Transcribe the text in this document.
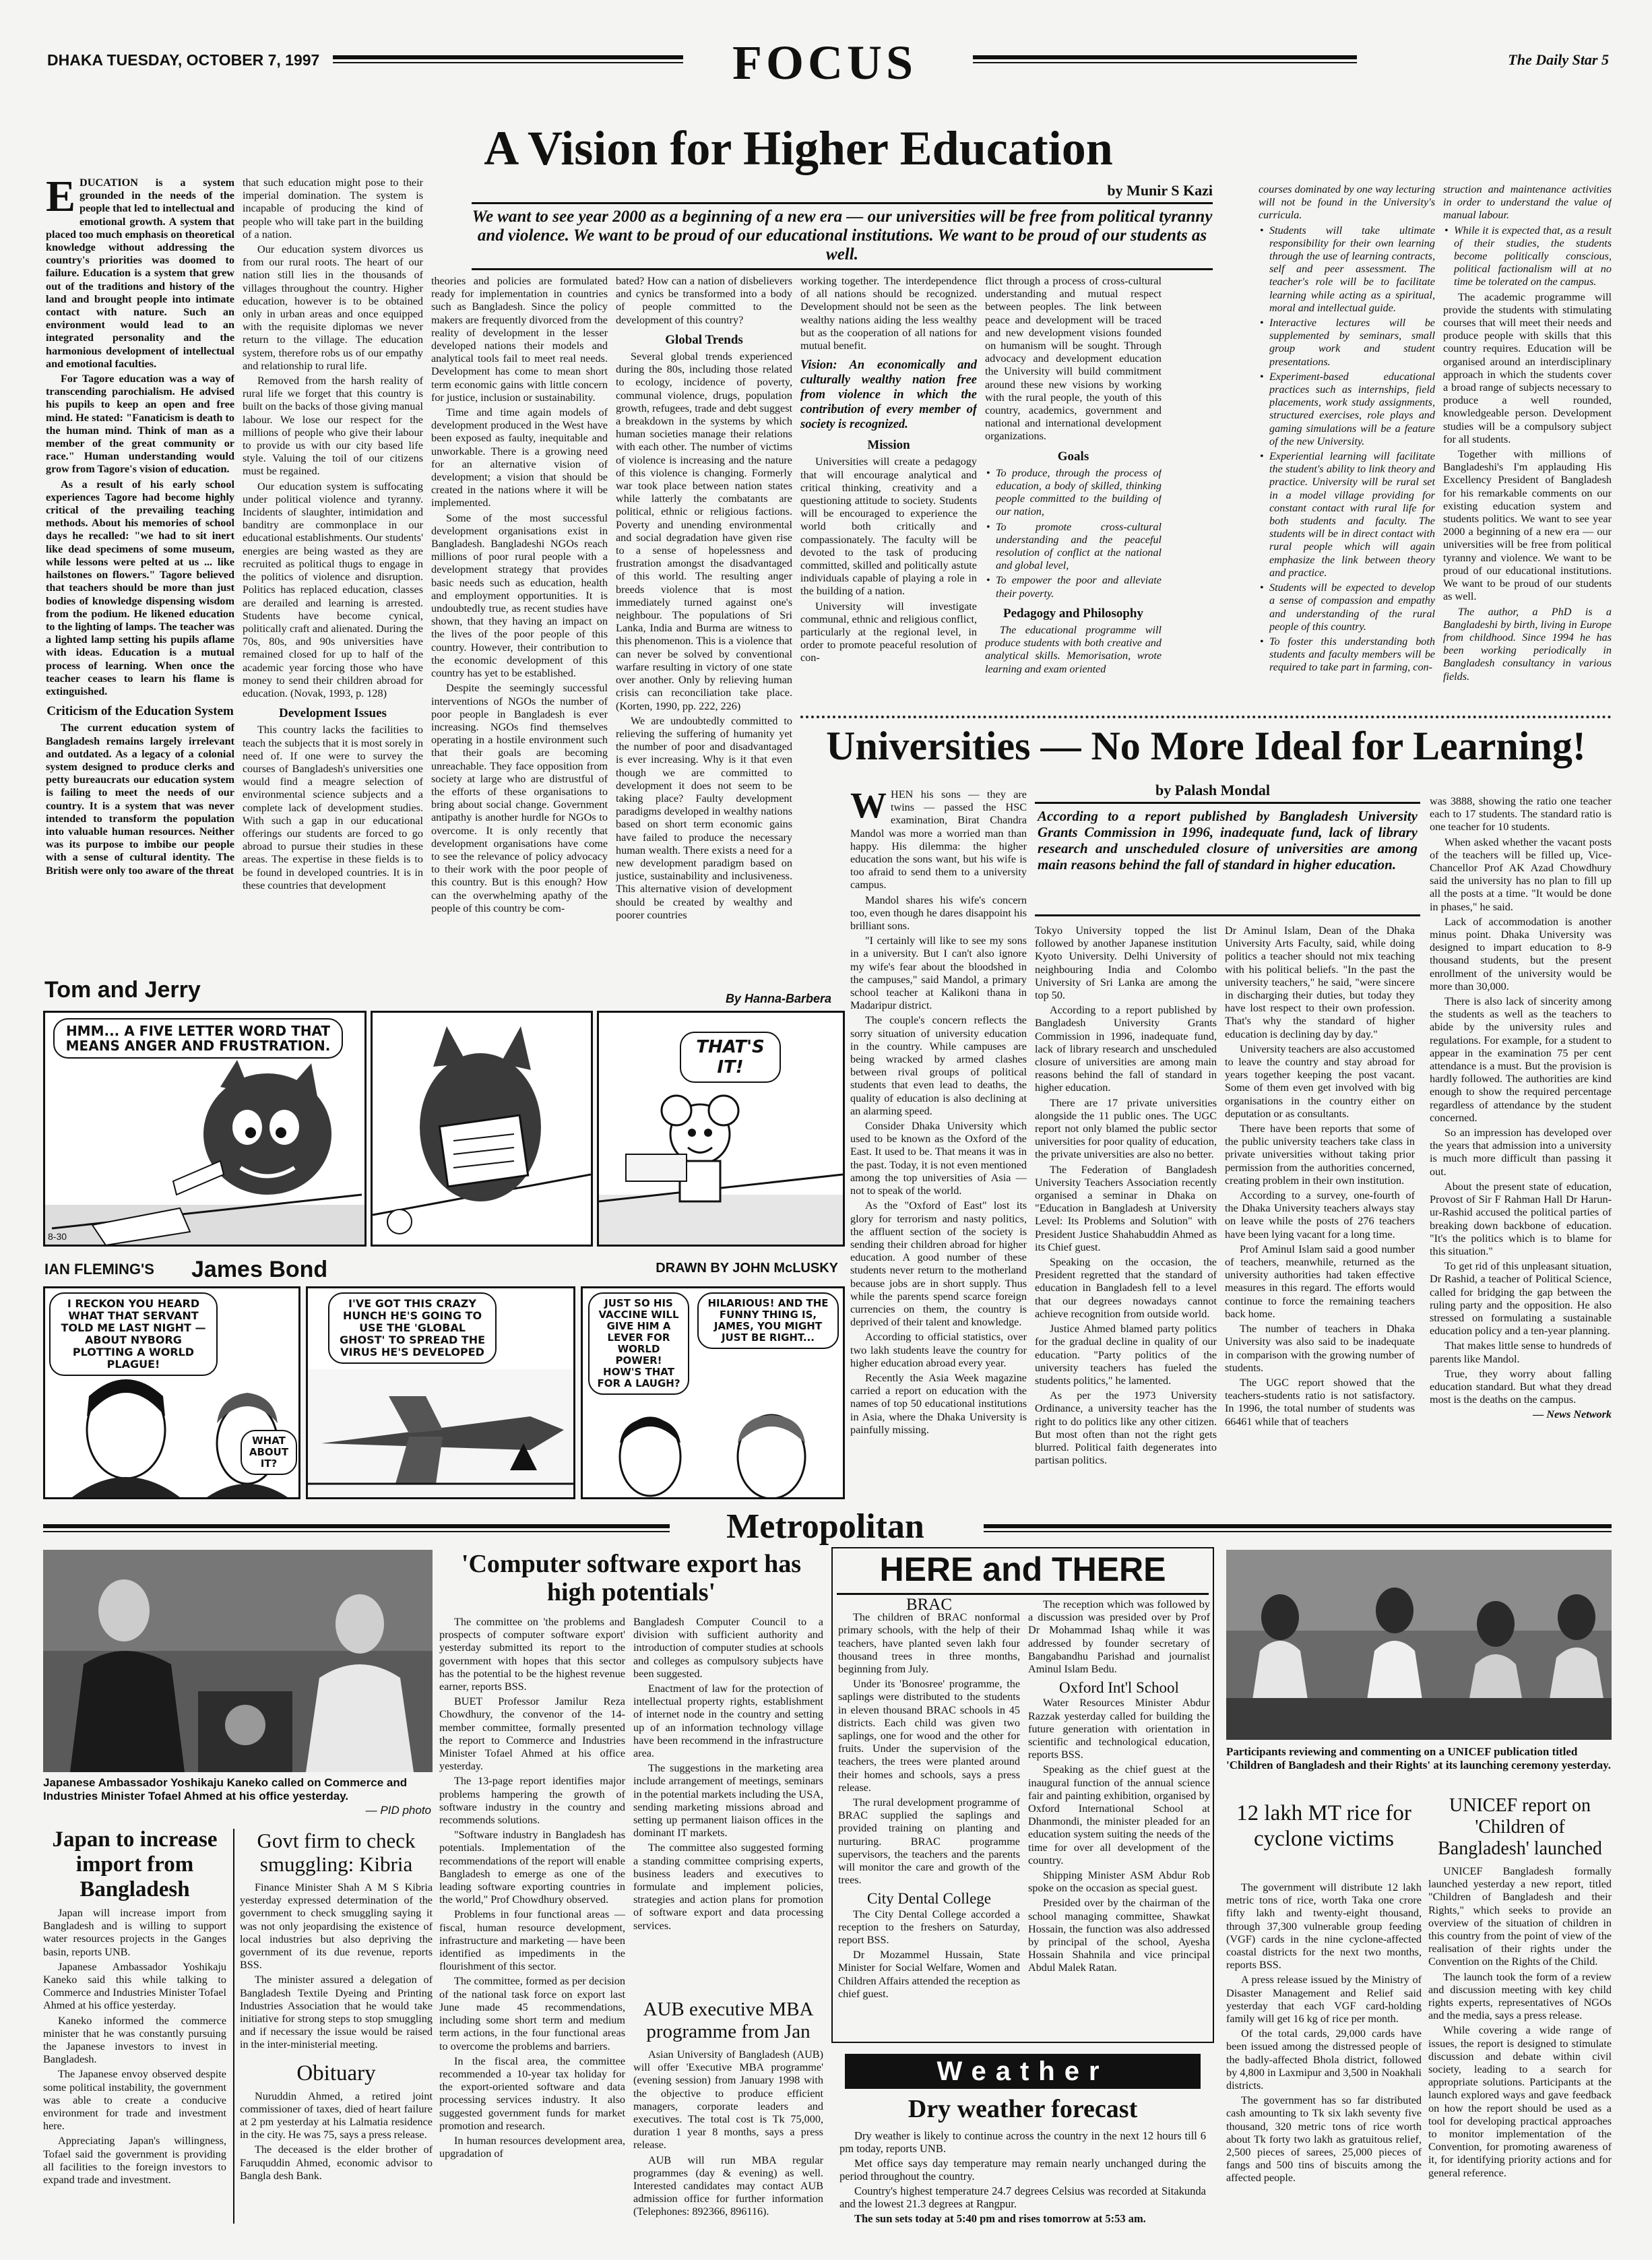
DHAKA TUESDAY, OCTOBER 7, 1997	FOCUS	The Daily Star 5
A Vision for Higher Education
by Munir S Kazi
We want to see year 2000 as a beginning of a new era — our universities will be free from political tyranny and violence. We want to be proud of our educational institutions. We want to be proud of our students as well.

EDUCATION is a system grounded in the needs of the people that led to intellectual and emotional growth. A system that placed too much emphasis on theoretical knowledge without addressing the country's priorities was doomed to failure. Education is a system that grew out of the traditions and history of the land and brought people into intimate contact with nature. Such an environment would lead to an integrated personality and the harmonious development of intellectual and emotional faculties.

For Tagore education was a way of transcending parochialism. He advised his pupils to keep an open and free mind. He stated: "Fanaticism is death to the human mind. Think of man as a member of the great community or race." Human understanding would grow from Tagore's vision of education.

As a result of his early school experiences Tagore had become highly critical of the prevailing teaching methods. About his memories of school days he recalled: "we had to sit inert like dead specimens of some museum, while lessons were pelted at us ... like hailstones on flowers." Tagore believed that teachers should be more than just bodies of knowledge dispensing wisdom from the podium. He likened education to the lighting of lamps. The teacher was a lighted lamp setting his pupils aflame with ideas. Education is a mutual process of learning. When once the teacher ceases to learn his flame is extinguished.

Criticism of the Education System

The current education system of Bangladesh remains largely irrelevant and outdated. As a legacy of a colonial system designed to produce clerks and petty bureaucrats our education system is failing to meet the needs of our country. It is a system that was never intended to transform the population into valuable human resources. Neither was its purpose to imbibe our people with a sense of cultural identity. The British were only too aware of the threat

that such education might pose to their imperial domination. The system is incapable of producing the kind of people who will take part in the building of a nation.

Our education system divorces us from our rural roots. The heart of our nation still lies in the thousands of villages throughout the country. Higher education, however is to be obtained only in urban areas and once equipped with the requisite diplomas we never return to the village. The education system, therefore robs us of our empathy and relationship to rural life.

Removed from the harsh reality of rural life we forget that this country is built on the backs of those giving manual labour. We lose our respect for the millions of people who give their labour to provide us with our city based life style. Valuing the toil of our citizens must be regained.

Our education system is suffocating under political violence and tyranny. Incidents of slaughter, intimidation and banditry are commonplace in our educational establishments. Our students' energies are being wasted as they are recruited as political thugs to engage in the politics of violence and disruption. Politics has replaced education, classes are derailed and learning is arrested. Students have become cynical, politically craft and alienated. During the 70s, 80s, and 90s universities have remained closed for up to half of the academic year forcing those who have money to send their children abroad for education. (Novak, 1993, p. 128)

Development Issues

This country lacks the facilities to teach the subjects that it is most sorely in need of. If one were to survey the courses of Bangladesh's universities one would find a meagre selection of environmental science subjects and a complete lack of development studies. With such a gap in our educational offerings our students are forced to go abroad to pursue their studies in these areas. The expertise in these fields is to be found in developed countries. It is in these countries that development

theories and policies are formulated ready for implementation in countries such as Bangladesh. Since the policy makers are frequently divorced from the reality of development in the lesser developed nations their models and analytical tools fail to meet real needs. Development has come to mean short term economic gains with little concern for justice, inclusion or sustainability.

Time and time again models of development produced in the West have been exposed as faulty, inequitable and unworkable. There is a growing need for an alternative vision of development; a vision that should be created in the nations where it will be implemented.

Some of the most successful development organisations exist in Bangladesh. Bangladeshi NGOs reach millions of poor rural people with a development strategy that provides basic needs such as education, health and employment opportunities. It is undoubtedly true, as recent studies have shown, that they having an impact on the lives of the poor people of this country. However, their contribution to the economic development of this country has yet to be established.

Despite the seemingly successful interventions of NGOs the number of poor people in Bangladesh is ever increasing. NGOs find themselves operating in a hostile environment such that their goals are becoming unreachable. They face opposition from society at large who are distrustful of the efforts of these organisations to bring about social change. Government antipathy is another hurdle for NGOs to overcome. It is only recently that development organisations have come to see the relevance of policy advocacy to their work with the poor people of this country. But is this enough? How can the overwhelming apathy of the people of this country be com-

bated? How can a nation of disbelievers and cynics be transformed into a body of people committed to the development of this country?

Global Trends

Several global trends experienced during the 80s, including those related to ecology, incidence of poverty, communal violence, drugs, population growth, refugees, trade and debt suggest a breakdown in the systems by which human societies manage their relations with each other. The number of victims of violence is increasing and the nature of this violence is changing. Formerly war took place between nation states while latterly the combatants are political, ethnic or religious factions. Poverty and unending environmental and social degradation have given rise to a sense of hopelessness and frustration amongst the disadvantaged of this world. The resulting anger breeds violence that is most immediately turned against one's neighbour. The populations of Sri Lanka, India and Burma are witness to this phenomenon. This is a violence that can never be solved by conventional warfare resulting in victory of one state over another. Only by relieving human crisis can reconciliation take place. (Korten, 1990, pp. 222, 226)

We are undoubtedly committed to relieving the suffering of humanity yet the number of poor and disadvantaged is ever increasing. Why is it that even though we are committed to development it does not seem to be taking place? Faulty development paradigms developed in wealthy nations based on short term economic gains have failed to produce the necessary human wealth. There exists a need for a new development paradigm based on justice, sustainability and inclusiveness. This alternative vision of development should be created by wealthy and poorer countries

working together. The interdependence of all nations should be recognized. Development should not be seen as the wealthy nations aiding the less wealthy but as the cooperation of all nations for mutual benefit.

Vision: An economically and culturally wealthy nation free from violence in which the contribution of every member of society is recognized.

Mission

Universities will create a pedagogy that will encourage analytical and critical thinking, creativity and a questioning attitude to society. Students will be encouraged to experience the world both critically and compassionately. The faculty will be devoted to the task of producing committed, skilled and politically astute individuals capable of playing a role in the building of a nation.

University will investigate communal, ethnic and religious conflict, particularly at the regional level, in order to promote peaceful resolution of con-

flict through a process of cross-cultural understanding and mutual respect between peoples. The link between peace and development will be traced and new development visions founded on humanism will be sought. Through advocacy and development education the University will build commitment around these new visions by working with the rural people, the youth of this country, academics, government and national and international development organizations.

Goals

• To produce, through the process of education, a body of skilled, thinking people committed to the building of our nation,

• To promote cross-cultural understanding and the peaceful resolution of conflict at the national and global level,

• To empower the poor and alleviate their poverty.

Pedagogy and Philosophy

The educational programme will produce students with both creative and analytical skills. Memorisation, wrote learning and exam oriented

courses dominated by one way lecturing will not be found in the University's curricula.

• Students will take ultimate responsibility for their own learning through the use of learning contracts, self and peer assessment. The teacher's role will be to facilitate learning while acting as a spiritual, moral and intellectual guide.

• Interactive lectures will be supplemented by seminars, small group work and student presentations.

• Experiment-based educational practices such as internships, field placements, work study assignments, structured exercises, role plays and gaming simulations will be a feature of the new University.

• Experiential learning will facilitate the student's ability to link theory and practice. University will be rural set in a model village providing for constant contact with rural life for both students and faculty. The students will be in direct contact with rural people which will again emphasize the link between theory and practice.

• Students will be expected to develop a sense of compassion and empathy and understanding of the rural people of this country.

• To foster this understanding both students and faculty members will be required to take part in farming, con-

struction and maintenance activities in order to understand the value of manual labour.

• While it is expected that, as a result of their studies, the students become politically conscious, political factionalism will at no time be tolerated on the campus.

The academic programme will provide the students with stimulating courses that will meet their needs and produce people with skills that this country requires. Education will be organised around an interdisciplinary approach in which the students cover a broad range of subjects necessary to produce a well rounded, knowledgeable person. Development studies will be a compulsory subject for all students.

Together with millions of Bangladeshi's I'm applauding His Excellency President of Bangladesh for his remarkable comments on our existing education system and students politics. We want to see year 2000 a beginning of a new era — our universities will be free from political tyranny and violence. We want to be proud of our educational institutions. We want to be proud of our students as well.

The author, a PhD is a Bangladeshi by birth, living in Europe from childhood. Since 1994 he has been working periodically in Bangladesh consultancy in various fields.

Universities — No More Ideal for Learning!
by Palash Mondal

WHEN his sons — they are twins — passed the HSC examination, Birat Chandra Mandol was more a worried man than happy. His dilemma: the higher education the sons want, but his wife is too afraid to send them to a university campus.

Mandol shares his wife's concern too, even though he dares disappoint his brilliant sons.

"I certainly will like to see my sons in a university. But I can't also ignore my wife's fear about the bloodshed in the campuses," said Mandol, a primary school teacher at Kalikoni thana in Madaripur district.

The couple's concern reflects the sorry situation of university education in the country. While campuses are being wracked by armed clashes between rival groups of political students that even lead to deaths, the quality of education is also declining at an alarming speed.

Consider Dhaka University which used to be known as the Oxford of the East. It used to be. That means it was in the past. Today, it is not even mentioned among the top universities of Asia — not to speak of the world.

As the "Oxford of East" lost its glory for terrorism and nasty politics, the affluent section of the society is sending their children abroad for higher education. A good number of these students never return to the motherland because jobs are in short supply. Thus while the parents spend scarce foreign currencies on them, the country is deprived of their talent and knowledge.

According to official statistics, over two lakh students leave the country for higher education abroad every year.

Recently the Asia Week magazine carried a report on education with the names of top 50 educational institutions in Asia, where the Dhaka University is painfully missing.

According to a report published by Bangladesh University Grants Commission in 1996, inadequate fund, lack of library research and unscheduled closure of universities are among main reasons behind the fall of standard in higher education.

Tokyo University topped the list followed by another Japanese institution Kyoto University. Delhi University of neighbouring India and Colombo University of Sri Lanka are among the top 50.

According to a report published by Bangladesh University Grants Commission in 1996, inadequate fund, lack of library research and unscheduled closure of universities are among main reasons behind the fall of standard in higher education.

There are 17 private universities alongside the 11 public ones. The UGC report not only blamed the public sector universities for poor quality of education, the private universities are also no better.

The Federation of Bangladesh University Teachers Association recently organised a seminar in Dhaka on "Education in Bangladesh at University Level: Its Problems and Solution" with President Justice Shahabuddin Ahmed as its Chief guest.

Speaking on the occasion, the President regretted that the standard of education in Bangladesh fell to a level that our degrees nowadays cannot achieve recognition from outside world.

Justice Ahmed blamed party politics for the gradual decline in quality of our education. "Party politics of the university teachers has fueled the students politics," he lamented.

As per the 1973 University Ordinance, a university teacher has the right to do politics like any other citizen. But most often than not the right gets blurred. Political faith degenerates into partisan politics.

Dr Aminul Islam, Dean of the Dhaka University Arts Faculty, said, while doing politics a teacher should not mix teaching with his political beliefs. "In the past the university teachers," he said, "were sincere in discharging their duties, but today they have lost respect to their own profession. That's why the standard of higher education is declining day by day."

University teachers are also accustomed to leave the country and stay abroad for years together keeping the post vacant. Some of them even get involved with big organisations in the country either on deputation or as consultants.

There have been reports that some of the public university teachers take class in private universities without taking prior permission from the authorities concerned, creating problem in their own institution.

According to a survey, one-fourth of the Dhaka University teachers always stay on leave while the posts of 276 teachers have been lying vacant for a long time.

Prof Aminul Islam said a good number of teachers, meanwhile, returned as the university authorities had taken effective measures in this regard. The efforts would continue to force the remaining teachers back home.

The number of teachers in Dhaka University was also said to be inadequate in comparison with the growing number of students.

The UGC report showed that the teachers-students ratio is not satisfactory. In 1996, the total number of students was 66461 while that of teachers

was 3888, showing the ratio one teacher each to 17 students. The standard ratio is one teacher for 10 students.

When asked whether the vacant posts of the teachers will be filled up, Vice-Chancellor Prof AK Azad Chowdhury said the university has no plan to fill up all the posts at a time. "It would be done in phases," he said.

Lack of accommodation is another minus point. Dhaka University was designed to impart education to 8-9 thousand students, but the present enrollment of the university would be more than 30,000.

There is also lack of sincerity among the students as well as the teachers to abide by the university rules and regulations. For example, for a student to appear in the examination 75 per cent attendance is a must. But the provision is hardly followed. The authorities are kind enough to show the required percentage regardless of attendance by the student concerned.

So an impression has developed over the years that admission into a university is much more difficult than passing it out.

About the present state of education, Provost of Sir F Rahman Hall Dr Harun-ur-Rashid accused the political parties of breaking down backbone of education. "It's the politics which is to blame for this situation."

To get rid of this unpleasant situation, Dr Rashid, a teacher of Political Science, called for bridging the gap between the ruling party and the opposition. He also stressed on formulating a sustainable education policy and a ten-year planning.

That makes little sense to hundreds of parents like Mandol.

True, they worry about falling education standard. But what they dread most is the deaths on the campus.

— News Network
Tom and Jerry	By Hanna-Barbera
HMM... A FIVE LETTER WORD THAT MEANS ANGER AND FRUSTRATION.
8-30
THAT'S IT!
IAN FLEMING'S James Bond	DRAWN BY JOHN McLUSKY
I RECKON YOU HEARD WHAT THAT SERVANT TOLD ME LAST NIGHT — ABOUT NYBORG PLOTTING A WORLD PLAGUE!
WHAT ABOUT IT?
I'VE GOT THIS CRAZY HUNCH HE'S GOING TO USE THE 'GLOBAL GHOST' TO SPREAD THE VIRUS HE'S DEVELOPED
JUST SO HIS VACCINE WILL GIVE HIM A LEVER FOR WORLD POWER! HOW'S THAT FOR A LAUGH?
HILARIOUS! AND THE FUNNY THING IS, JAMES, YOU MIGHT JUST BE RIGHT...
Metropolitan
Japanese Ambassador Yoshikaju Kaneko called on Commerce and Industries Minister Tofael Ahmed at his office yesterday.
— PID photo
Japan to increase import from Bangladesh

Japan will increase import from Bangladesh and is willing to support water resources projects in the Ganges basin, reports UNB.

Japanese Ambassador Yoshikaju Kaneko said this while talking to Commerce and Industries Minister Tofael Ahmed at his office yesterday.

Kaneko informed the commerce minister that he was constantly pursuing the Japanese investors to invest in Bangladesh.

The Japanese envoy observed despite some political instability, the government was able to create a conducive environment for trade and investment here.

Appreciating Japan's willingness, Tofael said the government is providing all facilities to the foreign investors to expand trade and investment.

Govt firm to check smuggling: Kibria

Finance Minister Shah A M S Kibria yesterday expressed determination of the government to check smuggling saying it was not only jeopardising the existence of local industries but also depriving the government of its due revenue, reports BSS.

The minister assured a delegation of Bangladesh Textile Dyeing and Printing Industries Association that he would take initiative for strong steps to stop smuggling and if necessary the issue would be raised in the inter-ministerial meeting.

Obituary

Nuruddin Ahmed, a retired joint commissioner of taxes, died of heart failure at 2 pm yesterday at his Lalmatia residence in the city. He was 75, says a press release.

The deceased is the elder brother of Faruquddin Ahmed, economic advisor to Bangla desh Bank.

'Computer software export has high potentials'

The committee on 'the problems and prospects of computer software export' yesterday submitted its report to the government with hopes that this sector has the potential to be the highest revenue earner, reports BSS.

BUET Professor Jamilur Reza Chowdhury, the convenor of the 14-member committee, formally presented the report to Commerce and Industries Minister Tofael Ahmed at his office yesterday.

The 13-page report identifies major problems hampering the growth of software industry in the country and recommends solutions.

"Software industry in Bangladesh has potentials. Implementation of the recommendations of the report will enable Bangladesh to emerge as one of the leading software exporting countries in the world," Prof Chowdhury observed.

Problems in four functional areas — fiscal, human resource development, infrastructure and marketing — have been identified as impediments in the flourishment of this sector.

The committee, formed as per decision of the national task force on export last June made 45 recommendations, including some short term and medium term actions, in the four functional areas to overcome the problems and barriers.

In the fiscal area, the committee recommended a 10-year tax holiday for the export-oriented software and data processing services industry. It also suggested government funds for market promotion and research.

In human resources development area, upgradation of

Bangladesh Computer Council to a division with sufficient authority and introduction of computer studies at schools and colleges as compulsory subjects have been suggested.

Enactment of law for the protection of intellectual property rights, establishment of internet node in the country and setting up of an information technology village have been recommend in the infrastructure area.

The suggestions in the marketing area include arrangement of meetings, seminars in the potential markets including the USA, sending marketing missions abroad and setting up permanent liaison offices in the dominant IT markets.

The committee also suggested forming a standing committee comprising experts, business leaders and executives to formulate and implement policies, strategies and action plans for promotion of software export and data processing services.

AUB executive MBA programme from Jan

Asian University of Bangladesh (AUB) will offer 'Executive MBA programme' (evening session) from January 1998 with the objective to produce efficient managers, corporate leaders and executives. The total cost is Tk 75,000, duration 1 year 8 months, says a press release.

AUB will run MBA regular programmes (day & evening) as well. Interested candidates may contact AUB admission office for further information (Telephones: 892366, 896116).

HERE and THERE
BRAC

The children of BRAC nonformal primary schools, with the help of their teachers, have planted seven lakh four thousand trees in three months, beginning from July.

Under its 'Bonosree' programme, the saplings were distributed to the students in eleven thousand BRAC schools in 45 districts. Each child was given two saplings, one for wood and the other for fruits. Under the supervision of the teachers, the trees were planted around their homes and schools, says a press release.

The rural development programme of BRAC supplied the saplings and provided training on planting and nurturing. BRAC programme supervisors, the teachers and the parents will monitor the care and growth of the trees.

City Dental College

The City Dental College accorded a reception to the freshers on Saturday, report BSS.

Dr Mozammel Hussain, State Minister for Social Welfare, Women and Children Affairs attended the reception as chief guest.

The reception which was followed by a discussion was presided over by Prof Dr Mohammad Ishaq while it was addressed by founder secretary of Bangabandhu Parishad and journalist Aminul Islam Bedu.

Oxford Int'l School

Water Resources Minister Abdur Razzak yesterday called for building the future generation with orientation in scientific and technological education, reports BSS.

Speaking as the chief guest at the inaugural function of the annual science fair and painting exhibition, organised by Oxford International School at Dhanmondi, the minister pleaded for an education system suiting the needs of the time for over all development of the country.

Shipping Minister ASM Abdur Rob spoke on the occasion as special guest.

Presided over by the chairman of the school managing committee, Shawkat Hossain, the function was also addressed by principal of the school, Ayesha Hossain Shahnila and vice principal Abdul Malek Ratan.

Weather
Dry weather forecast

Dry weather is likely to continue across the country in the next 12 hours till 6 pm today, reports UNB.

Met office says day temperature may remain nearly unchanged during the period throughout the country.

Country's highest temperature 24.7 degrees Celsius was recorded at Sitakunda and the lowest 21.3 degrees at Rangpur.

The sun sets today at 5:40 pm and rises tomorrow at 5:53 am.

Participants reviewing and commenting on a UNICEF publication titled 'Children of Bangladesh and their Rights' at its launching ceremony yesterday.
12 lakh MT rice for cyclone victims

The government will distribute 12 lakh metric tons of rice, worth Taka one crore fifty lakh and twenty-eight thousand, through 37,300 vulnerable group feeding (VGF) cards in the nine cyclone-affected coastal districts for the next two months, reports BSS.

A press release issued by the Ministry of Disaster Management and Relief said yesterday that each VGF card-holding family will get 16 kg of rice per month.

Of the total cards, 29,000 cards have been issued among the distressed people of the badly-affected Bhola district, followed by 4,800 in Laxmipur and 3,500 in Noakhali districts.

The government has so far distributed cash amounting to Tk six lakh seventy five thousand, 320 metric tons of rice worth about Tk forty two lakh as gratuitous relief, 2,500 pieces of sarees, 25,000 pieces of fangs and 500 tins of biscuits among the affected people.

UNICEF report on 'Children of Bangladesh' launched

UNICEF Bangladesh formally launched yesterday a new report, titled "Children of Bangladesh and their Rights," which seeks to provide an overview of the situation of children in this country from the point of view of the realisation of their rights under the Convention on the Rights of the Child.

The launch took the form of a review and discussion meeting with key child rights experts, representatives of NGOs and the media, says a press release.

While covering a wide range of issues, the report is designed to stimulate discussion and debate within civil society, leading to a search for appropriate solutions. Participants at the launch explored ways and gave feedback on how the report should be used as a tool for developing practical approaches to monitor implementation of the Convention, for promoting awareness of it, for identifying priority actions and for general reference.
